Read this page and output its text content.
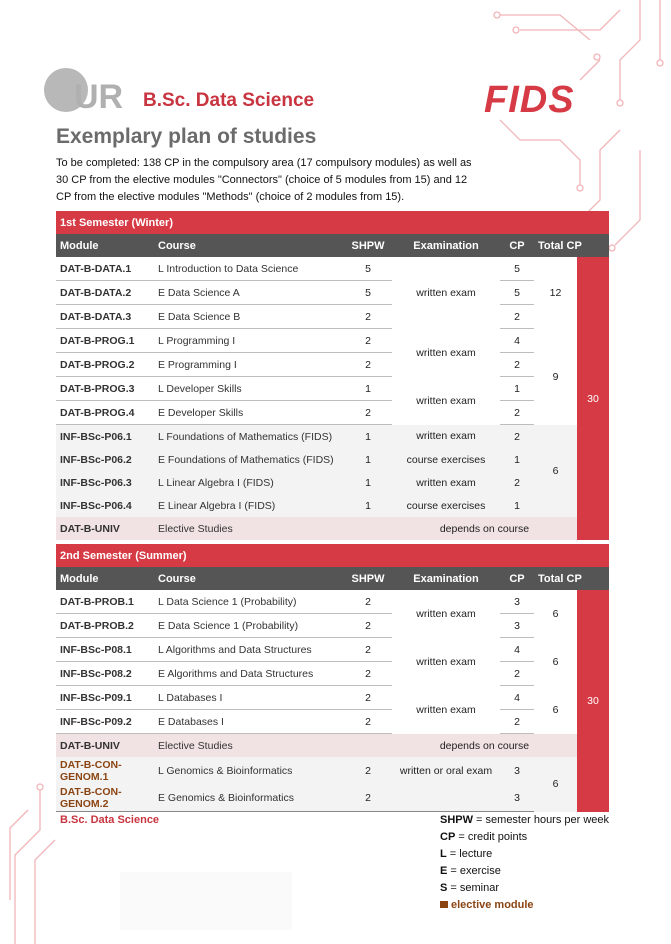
UR B.Sc. Data Science	FIDS
Exemplary plan of studies
To be completed: 138 CP in the compulsory area (17 compulsory modules) as well as 30 CP from the elective modules "Connectors" (choice of 5 modules from 15) and 12 CP from the elective modules "Methods" (choice of 2 modules from 15).
1st Semester (Winter)						
Module	Course	SHPW	Examination	CP	Total CP	
DAT-B-DATA.1	L Introduction to Data Science	5	written exam	5	12	30
DAT-B-DATA.2	E Data Science A	5		5		
DAT-B-DATA.3	E Data Science B	2		2		
DAT-B-PROG.1	L Programming I	2	written exam	4	9	
DAT-B-PROG.2	E Programming I	2		2		
DAT-B-PROG.3	L Developer Skills	1	written exam	1		
DAT-B-PROG.4	E Developer Skills	2		2		
INF-BSc-P06.1	L Foundations of Mathematics (FIDS)	1	written exam	2	6	
INF-BSc-P06.2	E Foundations of Mathematics (FIDS)	1	course exercises	1		
INF-BSc-P06.3	L Linear Algebra I (FIDS)	1	written exam	2		
INF-BSc-P06.4	E Linear Algebra I (FIDS)	1	course exercises	1		
DAT-B-UNIV	Elective Studies		depends on course			
2nd Semester (Summer)						
Module	Course	SHPW	Examination	CP	Total CP	
DAT-B-PROB.1	L Data Science 1 (Probability)	2	written exam	3	6	30
DAT-B-PROB.2	E Data Science 1 (Probability)	2		3		
INF-BSc-P08.1	L Algorithms and Data Structures	2	written exam	4	6	
INF-BSc-P08.2	E Algorithms and Data Structures	2		2		
INF-BSc-P09.1	L Databases I	2	written exam	4	6	
INF-BSc-P09.2	E Databases I	2		2		
DAT-B-UNIV	Elective Studies		depends on course			
DAT-B-CON-GENOM.1	L Genomics & Bioinformatics	2	written or oral exam	3	6	
DAT-B-CON-GENOM.2	E Genomics & Bioinformatics	2		3		
B.Sc. Data Science	SHPW = semester hours per week
CP = credit points
L = lecture
E = exercise
S = seminar
elective module
